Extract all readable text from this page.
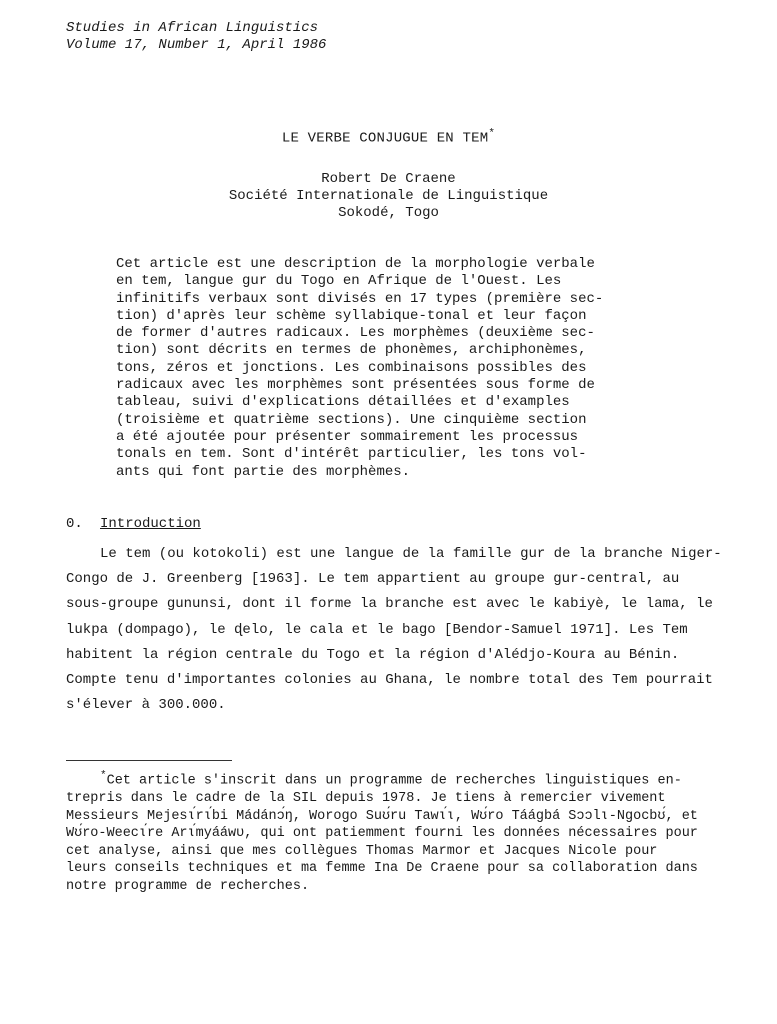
Studies in African Linguistics
Volume 17, Number 1, April 1986
LE VERBE CONJUGUE EN TEM*
Robert De Craene
Société Internationale de Linguistique
Sokodé, Togo
Cet article est une description de la morphologie verbale
en tem, langue gur du Togo en Afrique de l'Ouest. Les
infinitifs verbaux sont divisés en 17 types (première sec-
tion) d'après leur schème syllabique-tonal et leur façon
de former d'autres radicaux. Les morphèmes (deuxième sec-
tion) sont décrits en termes de phonèmes, archiphonèmes,
tons, zéros et jonctions. Les combinaisons possibles des
radicaux avec les morphèmes sont présentées sous forme de
tableau, suivi d'explications détaillées et d'examples
(troisième et quatrième sections). Une cinquième section
a été ajoutée pour présenter sommairement les processus
tonals en tem. Sont d'intérêt particulier, les tons vol-
ants qui font partie des morphèmes.
0. Introduction
Le tem (ou kotokoli) est une langue de la famille gur de la branche Niger-
Congo de J. Greenberg [1963]. Le tem appartient au groupe gur-central, au
sous-groupe gununsi, dont il forme la branche est avec le kabiyè, le lama, le
lukpa (dompago), le ɖelo, le cala et le bago [Bendor-Samuel 1971]. Les Tem
habitent la région centrale du Togo et la région d'Alédjo-Koura au Bénin.
Compte tenu d'importantes colonies au Ghana, le nombre total des Tem pourrait
s'élever à 300.000.
*Cet article s'inscrit dans un programme de recherches linguistiques en-
trepris dans le cadre de la SIL depuis 1978. Je tiens à remercier vivement
Messieurs Mejesɩ́rɩ́bi Mádánɔ́ŋ, Worogo Suʊ́ru Tawɩ́ɩ, Wʊ́ro Táágbá Sɔɔlɩ-Ngocbʊ́, et
Wʊ́ro-Weecɩ́re Arɩ́myááwʋ, qui ont patiemment fourni les données nécessaires pour
cet analyse, ainsi que mes collègues Thomas Marmor et Jacques Nicole pour
leurs conseils techniques et ma femme Ina De Craene pour sa collaboration dans
notre programme de recherches.
